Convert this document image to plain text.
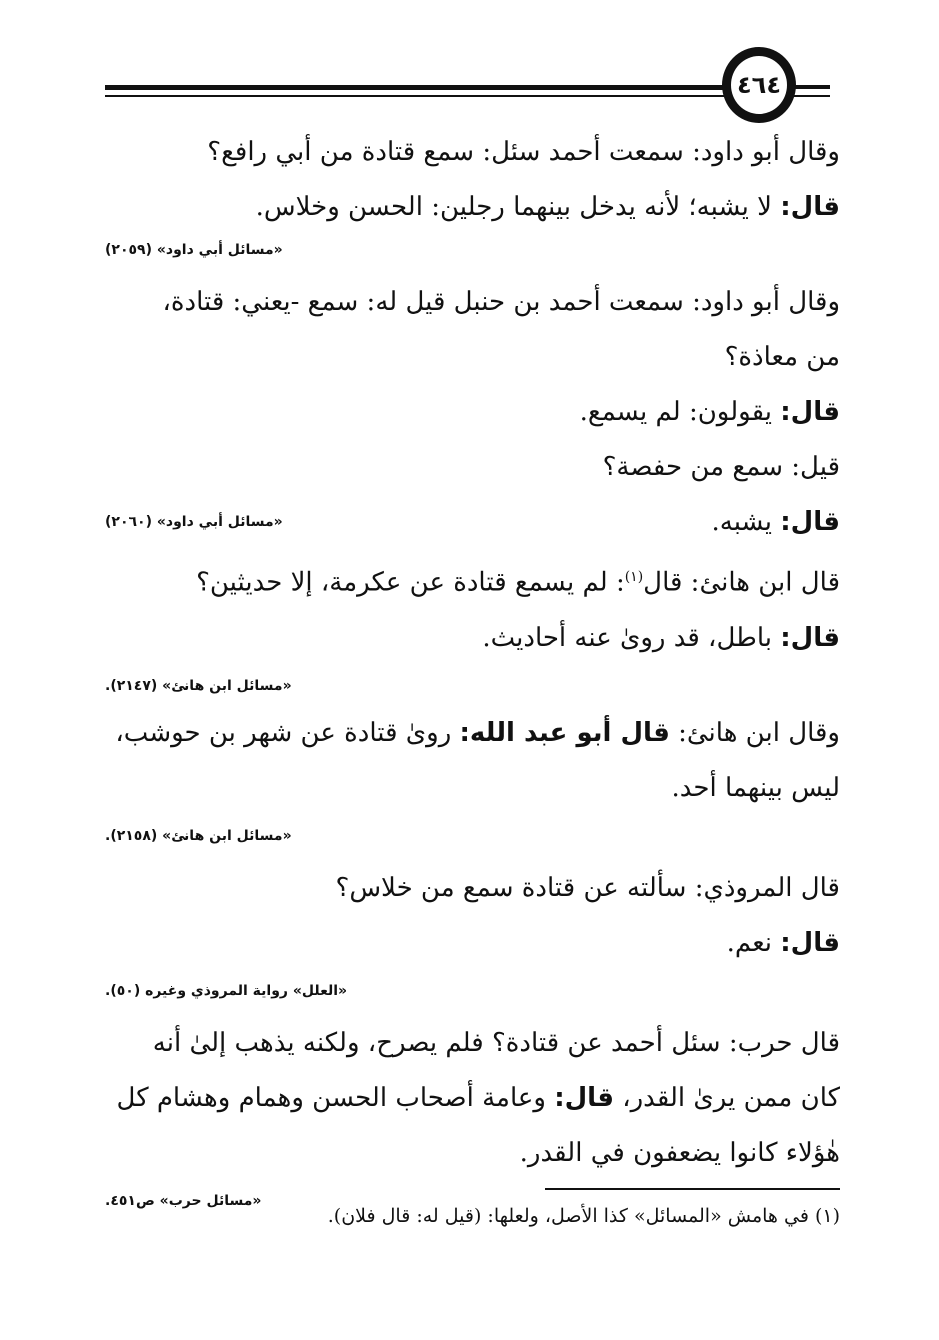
٤٦٤
وقال أبو داود: سمعت أحمد سئل: سمع قتادة من أبي رافع؟
قال: لا يشبه؛ لأنه يدخل بينهما رجلين: الحسن وخلاس.
«مسائل أبي داود» (٢٠٥٩)
وقال أبو داود: سمعت أحمد بن حنبل قيل له: سمع -يعني: قتادة،
من معاذة؟
قال: يقولون: لم يسمع.
قيل: سمع من حفصة؟
قال: يشبه.
«مسائل أبي داود» (٢٠٦٠)
قال ابن هانئ: قال$^{(١)}$: لم يسمع قتادة عن عكرمة، إلا حديثين؟
قال: باطل، قد روىٰ عنه أحاديث.
«مسائل ابن هانئ» (٢١٤٧).
وقال ابن هانئ: قال أبو عبد الله: روىٰ قتادة عن شهر بن حوشب،
ليس بينهما أحد.
«مسائل ابن هانئ» (٢١٥٨).
قال المروذي: سألته عن قتادة سمع من خلاس؟
قال: نعم.
«العلل» رواية المروذي وغيره (٥٠).
قال حرب: سئل أحمد عن قتادة؟ فلم يصرح، ولكنه يذهب إلىٰ أنه
كان ممن يرىٰ القدر، قال: وعامة أصحاب الحسن وهمام وهشام كل
هٰؤلاء كانوا يضعفون في القدر.
«مسائل حرب» ص٤٥١.
(١) في هامش «المسائل» كذا الأصل، ولعلها: (قيل له: قال فلان).
